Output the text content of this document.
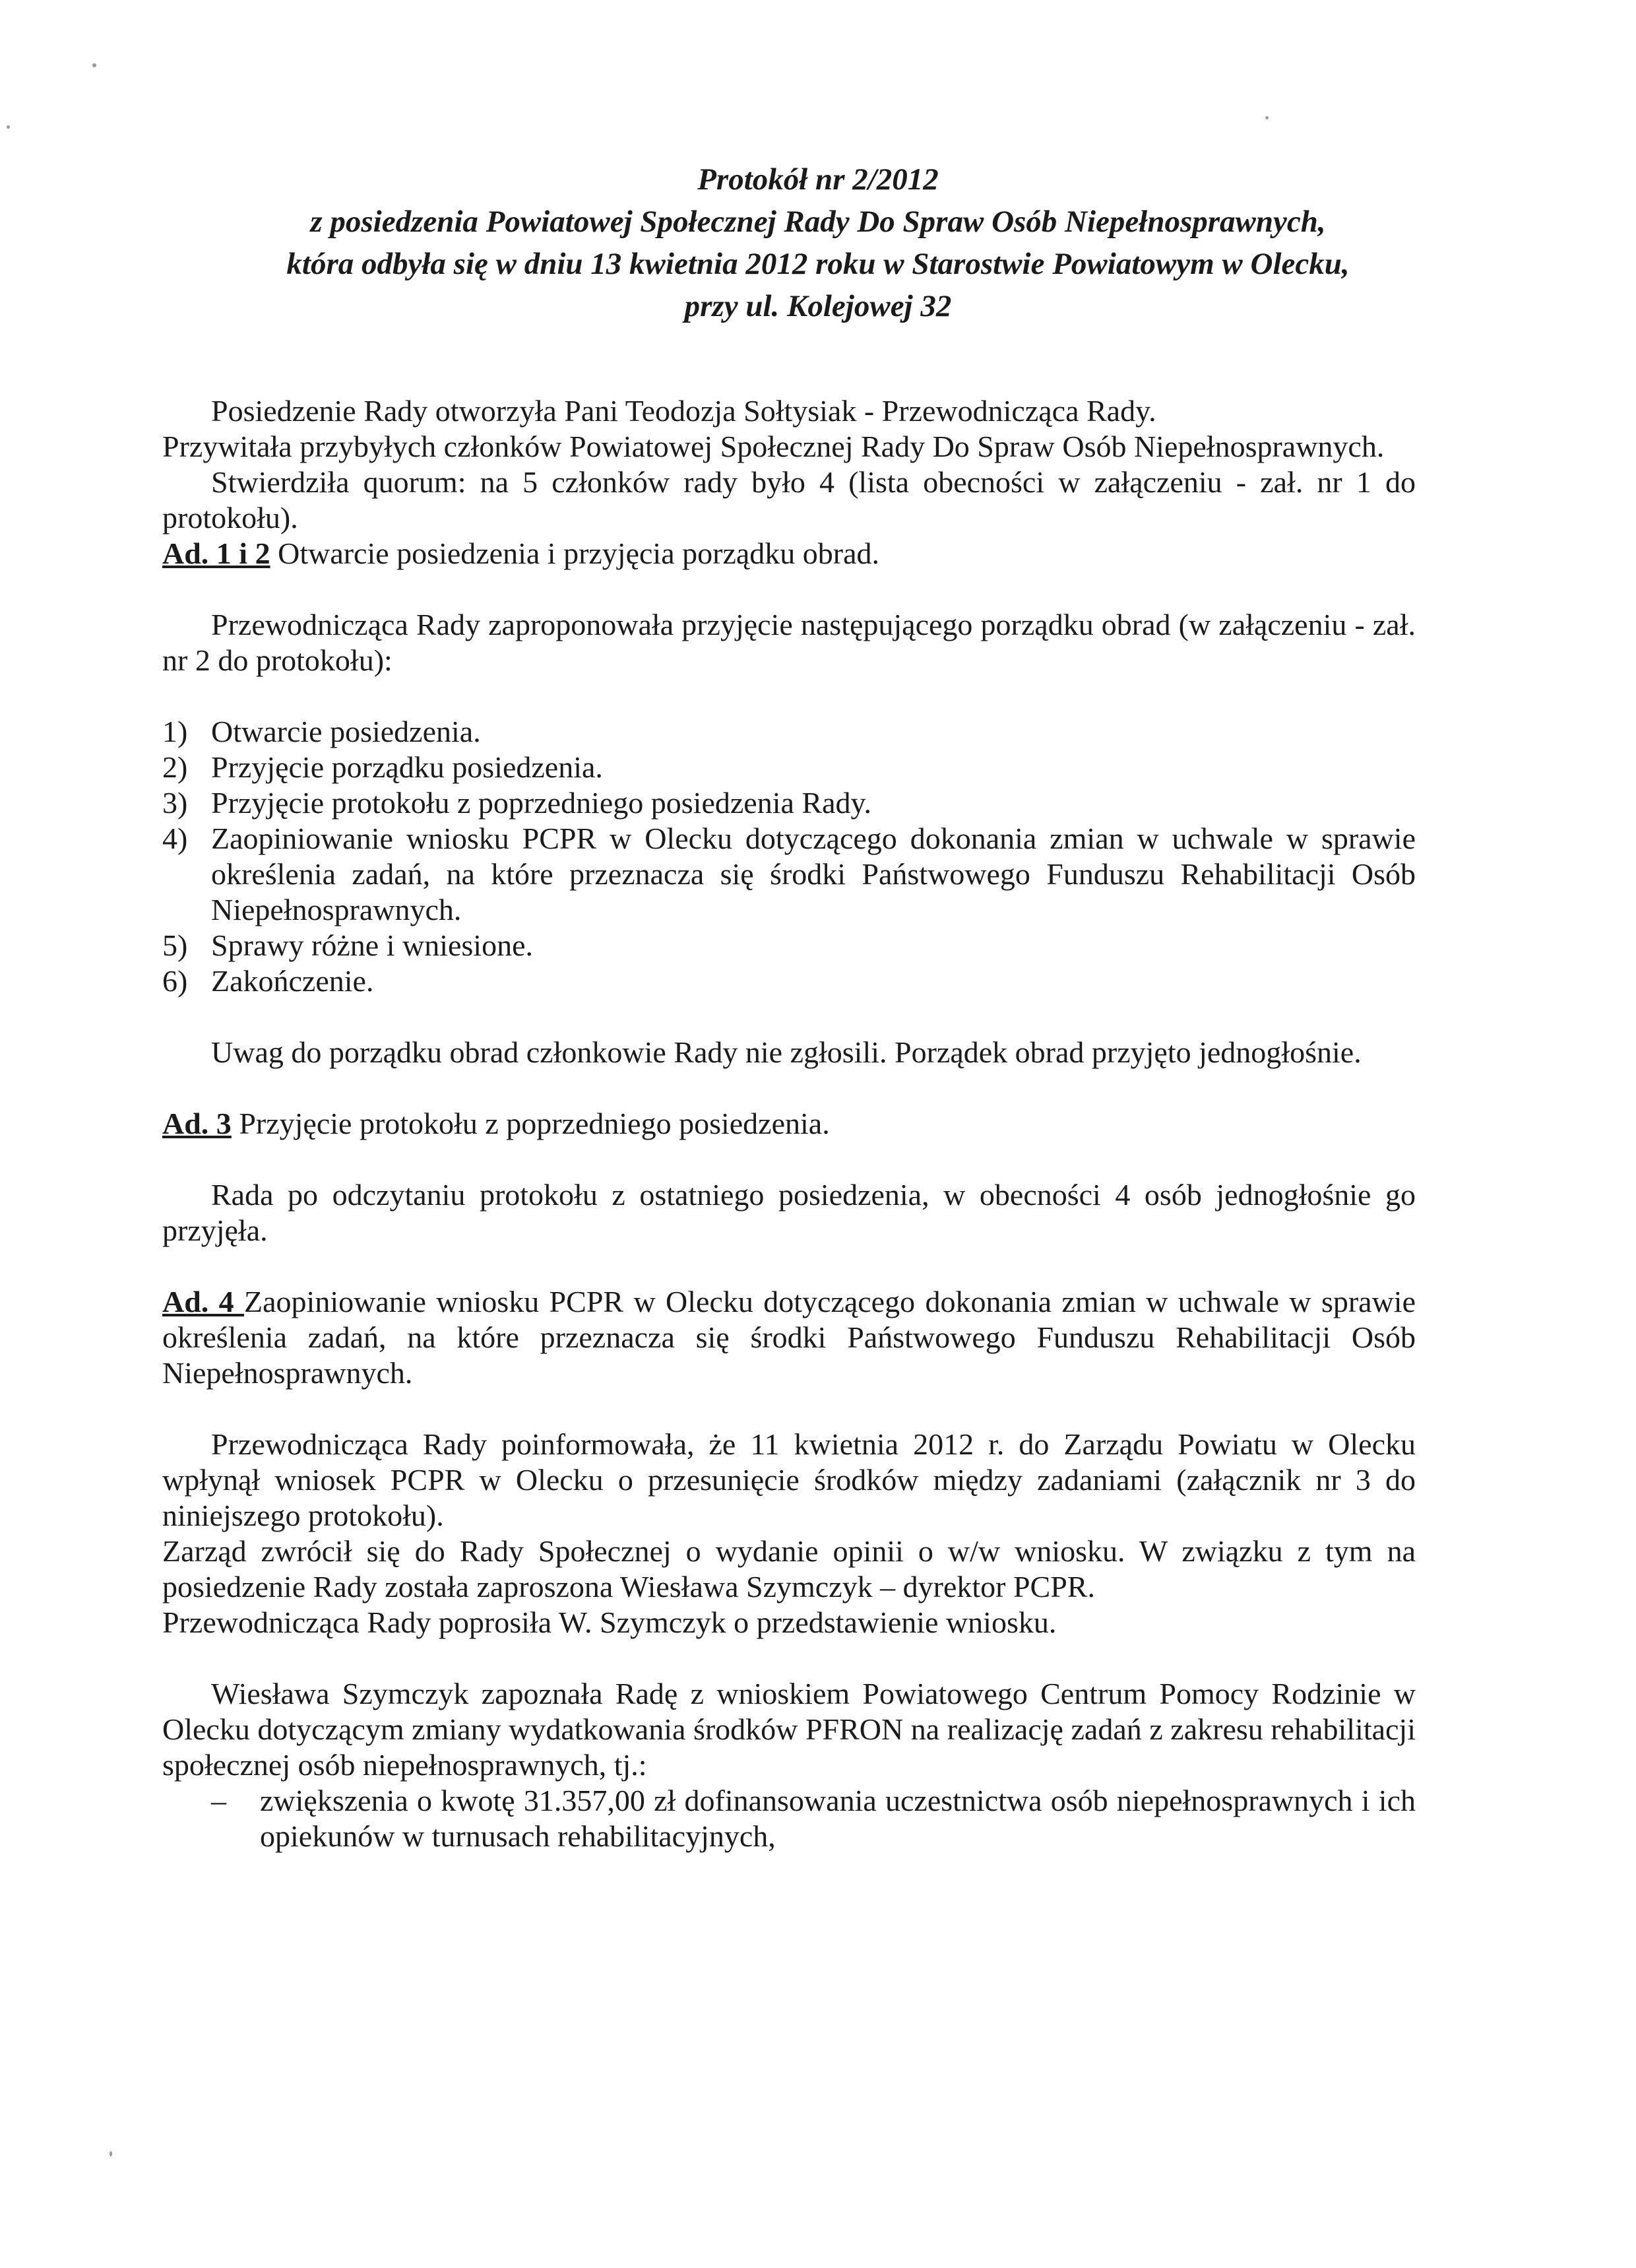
Protokół nr 2/2012
z posiedzenia Powiatowej Społecznej Rady Do Spraw Osób Niepełnosprawnych,
która odbyła się w dniu 13 kwietnia 2012 roku w Starostwie Powiatowym w Olecku,
przy ul. Kolejowej 32

Posiedzenie Rady otworzyła Pani Teodozja Sołtysiak - Przewodnicząca Rady.

Przywitała przybyłych członków Powiatowej Społecznej Rady Do Spraw Osób Niepełnosprawnych.

Stwierdziła quorum: na 5 członków rady było 4 (lista obecności w załączeniu - zał. nr 1 do protokołu).

Ad. 1 i 2 Otwarcie posiedzenia i przyjęcia porządku obrad.

Przewodnicząca Rady zaproponowała przyjęcie następującego porządku obrad (w załączeniu - zał. nr 2 do protokołu):

1) Otwarcie posiedzenia.
2) Przyjęcie porządku posiedzenia.
3) Przyjęcie protokołu z poprzedniego posiedzenia Rady.
4) Zaopiniowanie wniosku PCPR w Olecku dotyczącego dokonania zmian w uchwale w sprawie określenia zadań, na które przeznacza się środki Państwowego Funduszu Rehabilitacji Osób Niepełnosprawnych.
5) Sprawy różne i wniesione.
6) Zakończenie.

Uwag do porządku obrad członkowie Rady nie zgłosili. Porządek obrad przyjęto jednogłośnie.

Ad. 3 Przyjęcie protokołu z poprzedniego posiedzenia.

Rada po odczytaniu protokołu z ostatniego posiedzenia, w obecności 4 osób jednogłośnie go przyjęła.

Ad. 4 Zaopiniowanie wniosku PCPR w Olecku dotyczącego dokonania zmian w uchwale w sprawie określenia zadań, na które przeznacza się środki Państwowego Funduszu Rehabilitacji Osób Niepełnosprawnych.

Przewodnicząca Rady poinformowała, że 11 kwietnia 2012 r. do Zarządu Powiatu w Olecku wpłynął wniosek PCPR w Olecku o przesunięcie środków między zadaniami (załącznik nr 3 do niniejszego protokołu).

Zarząd zwrócił się do Rady Społecznej o wydanie opinii o w/w wniosku. W związku z tym na posiedzenie Rady została zaproszona Wiesława Szymczyk – dyrektor PCPR.

Przewodnicząca Rady poprosiła W. Szymczyk o przedstawienie wniosku.

Wiesława Szymczyk zapoznała Radę z wnioskiem Powiatowego Centrum Pomocy Rodzinie w Olecku dotyczącym zmiany wydatkowania środków PFRON na realizację zadań z zakresu rehabilitacji społecznej osób niepełnosprawnych, tj.:

–	zwiększenia o kwotę 31.357,00 zł dofinansowania uczestnictwa osób niepełnosprawnych i ich opiekunów w turnusach rehabilitacyjnych,
